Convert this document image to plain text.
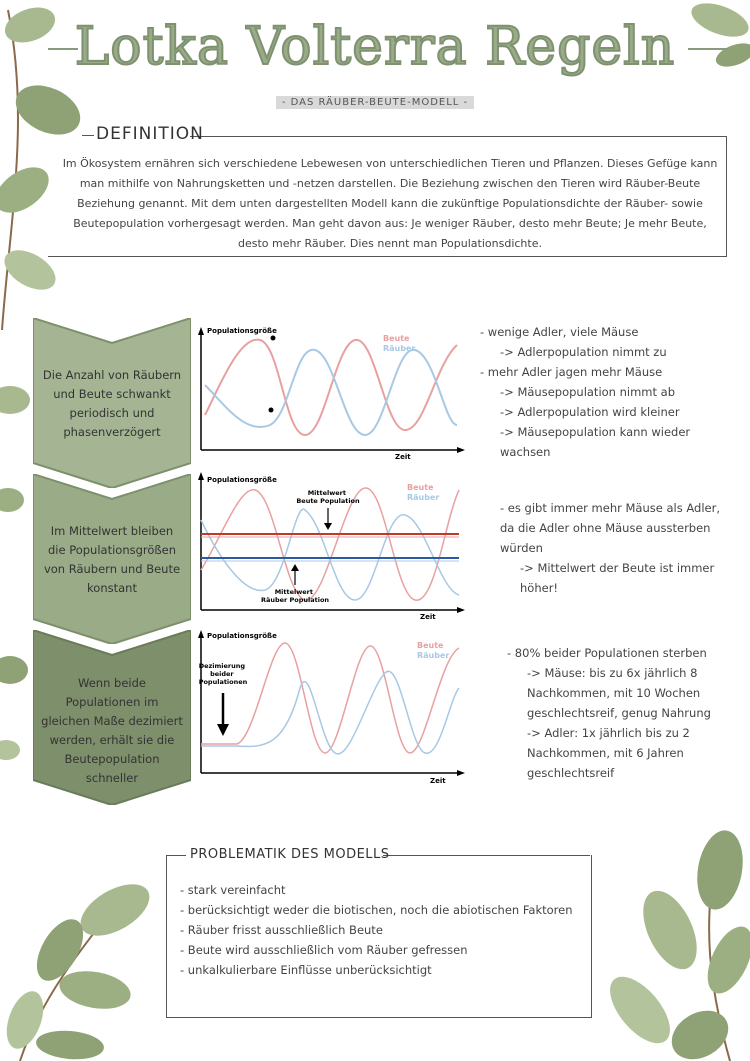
Lotka Volterra Regeln
- DAS RÄUBER-BEUTE-MODELL -
DEFINITION
Im Ökosystem ernähren sich verschiedene Lebewesen von unterschiedlichen Tieren und Pflanzen. Dieses Gefüge kann man mithilfe von Nahrungsketten und -netzen darstellen. Die Beziehung zwischen den Tieren wird Räuber-Beute Beziehung genannt. Mit dem unten dargestellten Modell kann die zukünftige Populationsdichte der Räuber- sowie Beutepopulation vorhergesagt werden. Man geht davon aus: Je weniger Räuber, desto mehr Beute; Je mehr Beute, desto mehr Räuber. Dies nennt man Populationsdichte.
Die Anzahl von Räubern und Beute schwankt periodisch und phasenverzögert
Populationsgröße
Zeit
Beute
Räuber
- wenige Adler, viele Mäuse
-> Adlerpopulation nimmt zu
- mehr Adler jagen mehr Mäuse
-> Mäusepopulation nimmt ab
-> Adlerpopulation wird kleiner
-> Mäusepopulation kann wieder wachsen
Im Mittelwert bleiben die Populationsgrößen von Räubern und Beute konstant
Populationsgröße
Zeit
Beute
Räuber
Mittelwert Beute Population
Mittelwert Räuber Population
- es gibt immer mehr Mäuse als Adler, da die Adler ohne Mäuse aussterben würden
-> Mittelwert der Beute ist immer höher!
Wenn beide Populationen im gleichen Maße dezimiert werden, erhält sie die Beutepopulation schneller
Populationsgröße
Zeit
Beute
Räuber
Dezimierung beider Populationen
- 80% beider Populationen sterben
-> Mäuse: bis zu 6x jährlich 8 Nachkommen, mit 10 Wochen geschlechtsreif, genug Nahrung
-> Adler: 1x jährlich bis zu 2 Nachkommen, mit 6 Jahren geschlechtsreif
PROBLEMATIK DES MODELLS
- stark vereinfacht
- berücksichtigt weder die biotischen, noch die abiotischen Faktoren
- Räuber frisst ausschließlich Beute
- Beute wird ausschließlich vom Räuber gefressen
- unkalkulierbare Einflüsse unberücksichtigt
